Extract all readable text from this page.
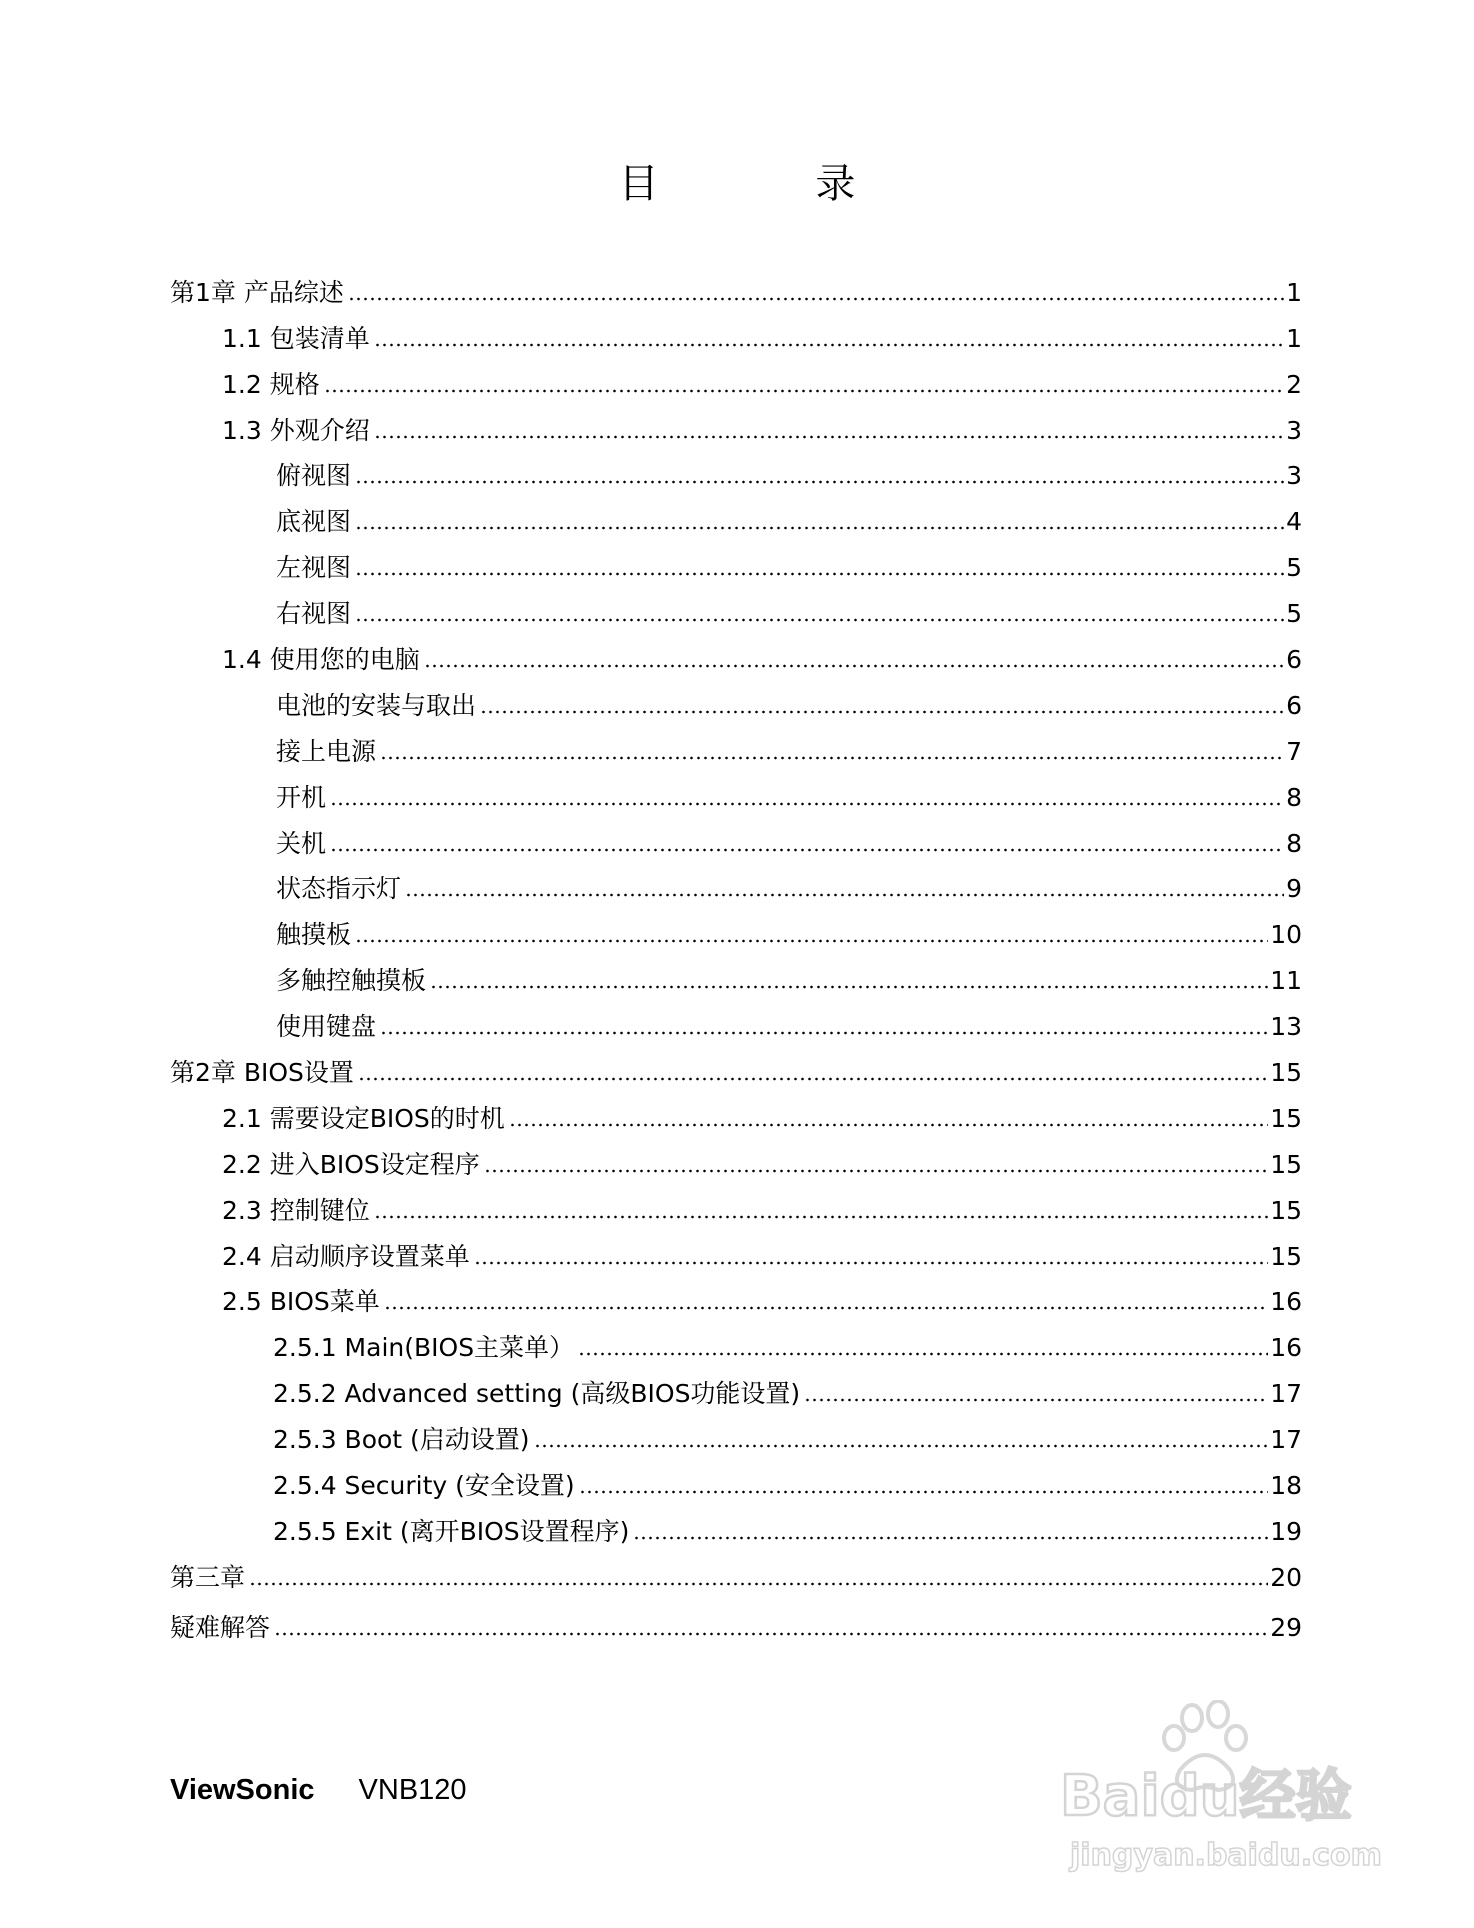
目 录
第1章 产品综述	1
1.1 包装清单	1
1.2 规格	2
1.3 外观介绍	3
俯视图	3
底视图	4
左视图	5
右视图	5
1.4 使用您的电脑	6
电池的安装与取出	6
接上电源	7
开机	8
关机	8
状态指示灯	9
触摸板	10
多触控触摸板	11
使用键盘	13
第2章 BIOS设置	15
2.1 需要设定BIOS的时机	15
2.2 进入BIOS设定程序	15
2.3 控制键位	15
2.4 启动顺序设置菜单	15
2.5 BIOS菜单	16
2.5.1 Main(BIOS主菜单）	16
2.5.2 Advanced setting (高级BIOS功能设置)	17
2.5.3 Boot (启动设置)	17
2.5.4 Security (安全设置)	18
2.5.5 Exit (离开BIOS设置程序)	19
第三章	20
疑难解答	29
ViewSonic VNB120	Baidu经验
jingyan.baidu.com
